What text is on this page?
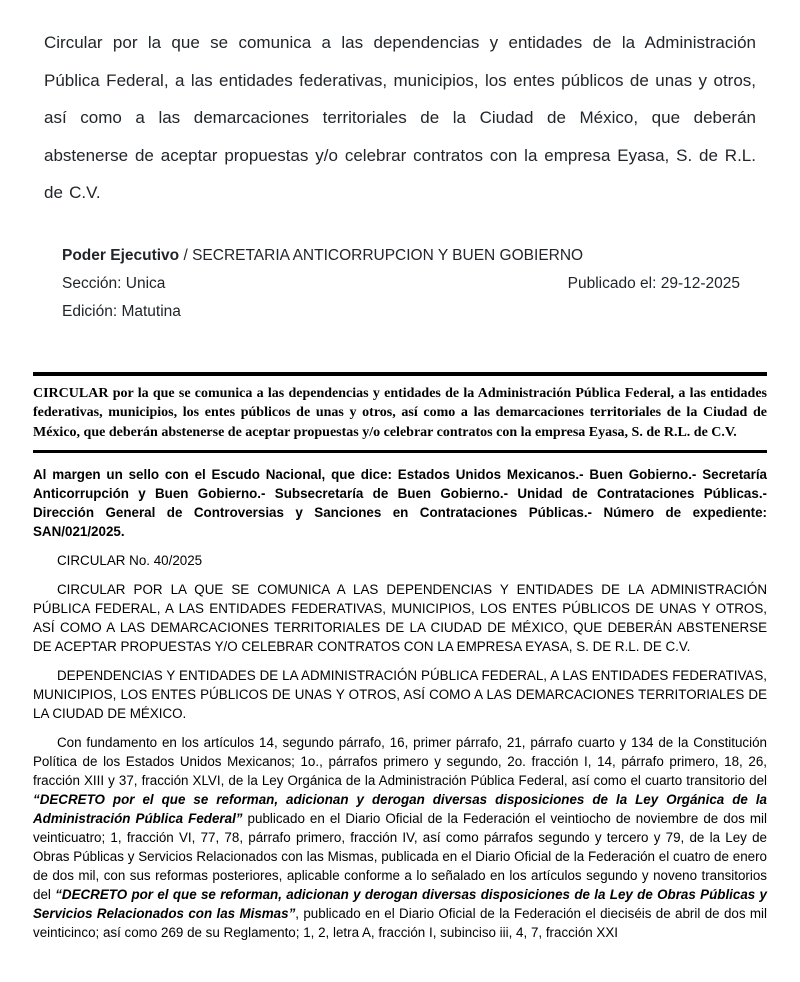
Circular por la que se comunica a las dependencias y entidades de la Administración Pública Federal, a las entidades federativas, municipios, los entes públicos de unas y otros, así como a las demarcaciones territoriales de la Ciudad de México, que deberán abstenerse de aceptar propuestas y/o celebrar contratos con la empresa Eyasa, S. de R.L. de C.V.

Poder Ejecutivo / SECRETARIA ANTICORRUPCION Y BUEN GOBIERNO
Sección: Unica	Publicado el: 29-12-2025
Edición: Matutina

CIRCULAR por la que se comunica a las dependencias y entidades de la Administración Pública Federal, a las entidades federativas, municipios, los entes públicos de unas y otros, así como a las demarcaciones territoriales de la Ciudad de México, que deberán abstenerse de aceptar propuestas y/o celebrar contratos con la empresa Eyasa, S. de R.L. de C.V.

Al margen un sello con el Escudo Nacional, que dice: Estados Unidos Mexicanos.- Buen Gobierno.- Secretaría Anticorrupción y Buen Gobierno.- Subsecretaría de Buen Gobierno.- Unidad de Contrataciones Públicas.- Dirección General de Controversias y Sanciones en Contrataciones Públicas.- Número de expediente: SAN/021/2025.

CIRCULAR No. 40/2025

CIRCULAR POR LA QUE SE COMUNICA A LAS DEPENDENCIAS Y ENTIDADES DE LA ADMINISTRACIÓN PÚBLICA FEDERAL, A LAS ENTIDADES FEDERATIVAS, MUNICIPIOS, LOS ENTES PÚBLICOS DE UNAS Y OTROS, ASÍ COMO A LAS DEMARCACIONES TERRITORIALES DE LA CIUDAD DE MÉXICO, QUE DEBERÁN ABSTENERSE DE ACEPTAR PROPUESTAS Y/O CELEBRAR CONTRATOS CON LA EMPRESA EYASA, S. DE R.L. DE C.V.

DEPENDENCIAS Y ENTIDADES DE LA ADMINISTRACIÓN PÚBLICA FEDERAL, A LAS ENTIDADES FEDERATIVAS, MUNICIPIOS, LOS ENTES PÚBLICOS DE UNAS Y OTROS, ASÍ COMO A LAS DEMARCACIONES TERRITORIALES DE LA CIUDAD DE MÉXICO.

Con fundamento en los artículos 14, segundo párrafo, 16, primer párrafo, 21, párrafo cuarto y 134 de la Constitución Política de los Estados Unidos Mexicanos; 1o., párrafos primero y segundo, 2o. fracción I, 14, párrafo primero, 18, 26, fracción XIII y 37, fracción XLVI, de la Ley Orgánica de la Administración Pública Federal, así como el cuarto transitorio del “DECRETO por el que se reforman, adicionan y derogan diversas disposiciones de la Ley Orgánica de la Administración Pública Federal” publicado en el Diario Oficial de la Federación el veintiocho de noviembre de dos mil veinticuatro; 1, fracción VI, 77, 78, párrafo primero, fracción IV, así como párrafos segundo y tercero y 79, de la Ley de Obras Públicas y Servicios Relacionados con las Mismas, publicada en el Diario Oficial de la Federación el cuatro de enero de dos mil, con sus reformas posteriores, aplicable conforme a lo señalado en los artículos segundo y noveno transitorios del “DECRETO por el que se reforman, adicionan y derogan diversas disposiciones de la Ley de Obras Públicas y Servicios Relacionados con las Mismas”, publicado en el Diario Oficial de la Federación el dieciséis de abril de dos mil veinticinco; así como 269 de su Reglamento; 1, 2, letra A, fracción I, subinciso iii, 4, 7, fracción XXI
